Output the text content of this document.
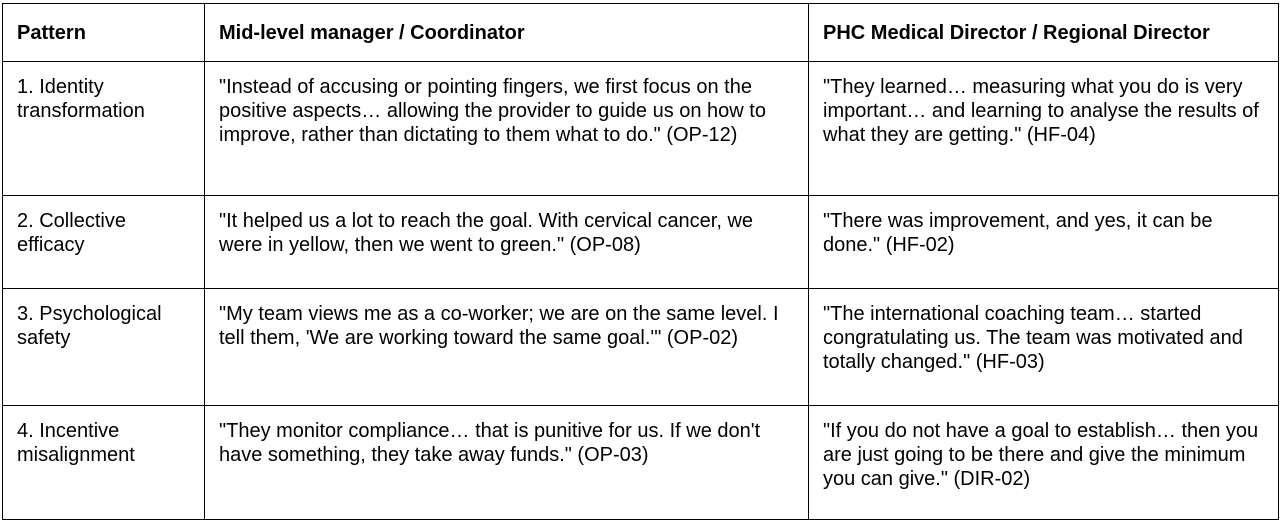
Pattern	Mid-level manager / Coordinator	PHC Medical Director / Regional Director
1. Identity transformation	"Instead of accusing or pointing fingers, we first focus on the positive aspects… allowing the provider to guide us on how to improve, rather than dictating to them what to do." (OP-12)	"They learned… measuring what you do is very important… and learning to analyse the results of what they are getting." (HF-04)
2. Collective efficacy	"It helped us a lot to reach the goal. With cervical cancer, we were in yellow, then we went to green." (OP-08)	"There was improvement, and yes, it can be done." (HF-02)
3. Psychological safety	"My team views me as a co-worker; we are on the same level. I tell them, 'We are working toward the same goal.'" (OP-02)	"The international coaching team… started congratulating us. The team was motivated and totally changed." (HF-03)
4. Incentive misalignment	"They monitor compliance… that is punitive for us. If we don't have something, they take away funds." (OP-03)	"If you do not have a goal to establish… then you are just going to be there and give the minimum you can give." (DIR-02)
